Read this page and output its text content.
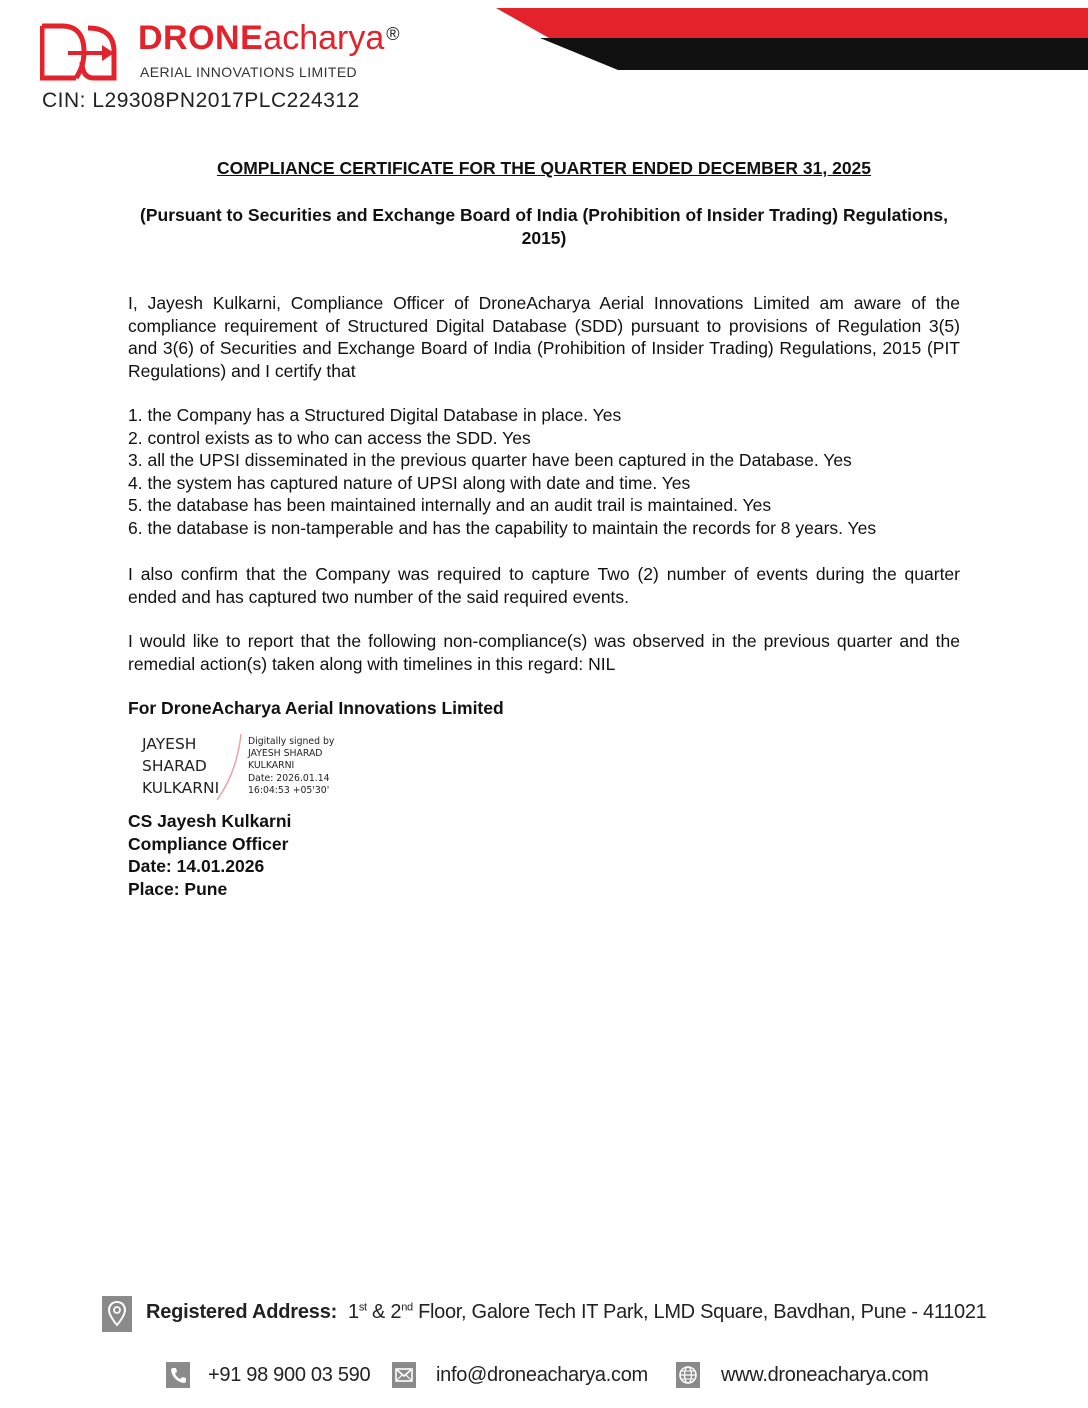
DRONEacharya ®
AERIAL INNOVATIONS LIMITED
CIN: L29308PN2017PLC224312
COMPLIANCE CERTIFICATE FOR THE QUARTER ENDED DECEMBER 31, 2025
(Pursuant to Securities and Exchange Board of India (Prohibition of Insider Trading) Regulations, 2015)
I, Jayesh Kulkarni, Compliance Officer of DroneAcharya Aerial Innovations Limited am aware of the compliance requirement of Structured Digital Database (SDD) pursuant to provisions of Regulation 3(5) and 3(6) of Securities and Exchange Board of India (Prohibition of Insider Trading) Regulations, 2015 (PIT Regulations) and I certify that
1. the Company has a Structured Digital Database in place. Yes
2. control exists as to who can access the SDD. Yes
3. all the UPSI disseminated in the previous quarter have been captured in the Database. Yes
4. the system has captured nature of UPSI along with date and time. Yes
5. the database has been maintained internally and an audit trail is maintained. Yes
6. the database is non-tamperable and has the capability to maintain the records for 8 years. Yes
I also confirm that the Company was required to capture Two (2) number of events during the quarter ended and has captured two number of the said required events.
I would like to report that the following non-compliance(s) was observed in the previous quarter and the remedial action(s) taken along with timelines in this regard: NIL
For DroneAcharya Aerial Innovations Limited
JAYESH
SHARAD
KULKARNI
Digitally signed by
JAYESH SHARAD
KULKARNI
Date: 2026.01.14
16:04:53 +05'30'
CS Jayesh Kulkarni
Compliance Officer
Date: 14.01.2026
Place: Pune
Registered Address: 1st & 2nd Floor, Galore Tech IT Park, LMD Square, Bavdhan, Pune - 411021
+91 98 900 03 590	info@droneacharya.com	www.droneacharya.com
